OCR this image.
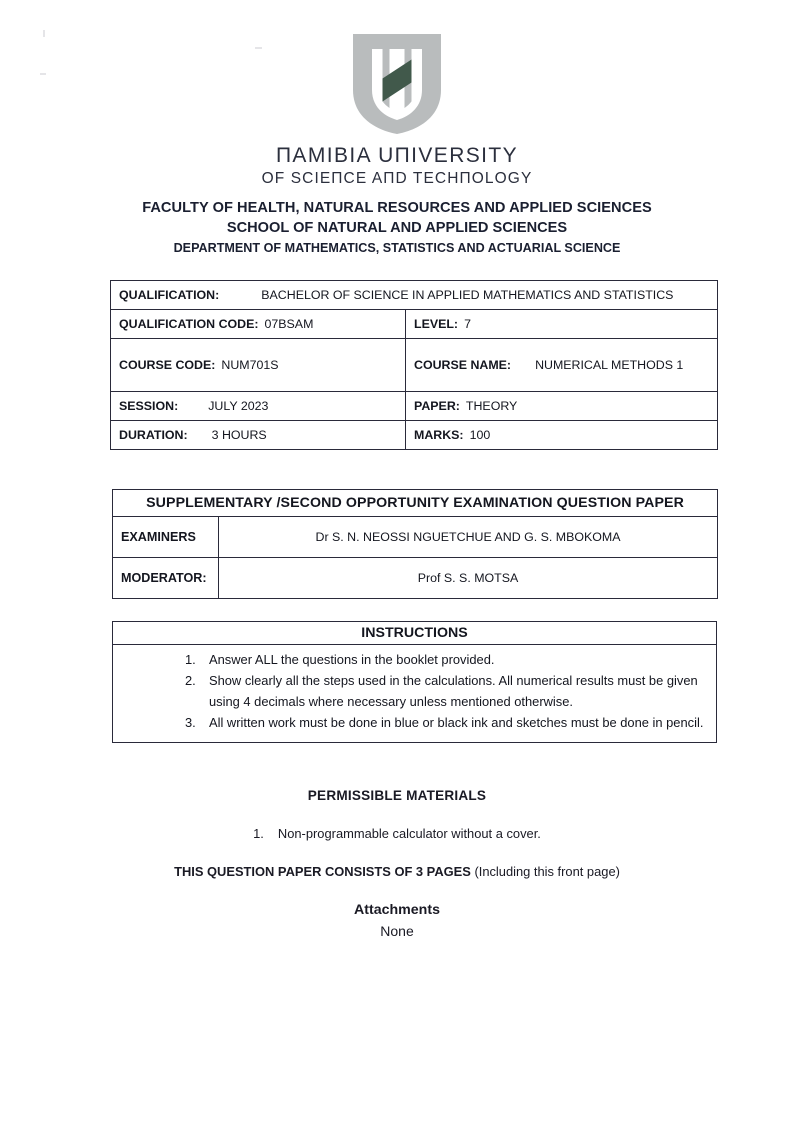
ПAMIBIA UПIVERSITY
OF SCIEПCE AПD TECHПOLOGY
FACULTY OF HEALTH, NATURAL RESOURCES AND APPLIED SCIENCES
SCHOOL OF NATURAL AND APPLIED SCIENCES
DEPARTMENT OF MATHEMATICS, STATISTICS AND ACTUARIAL SCIENCE
QUALIFICATION: BACHELOR OF SCIENCE IN APPLIED MATHEMATICS AND STATISTICS	
QUALIFICATION CODE: 07BSAM	LEVEL: 7
COURSE CODE: NUM701S	COURSE NAME: NUMERICAL METHODS 1
SESSION: JULY 2023	PAPER: THEORY
DURATION: 3 HOURS	MARKS: 100
SUPPLEMENTARY /SECOND OPPORTUNITY EXAMINATION QUESTION PAPER	
EXAMINERS	Dr S. N. NEOSSI NGUETCHUE AND G. S. MBOKOMA
MODERATOR:	Prof S. S. MOTSA
INSTRUCTIONS

Answer ALL the questions in the booklet provided.
Show clearly all the steps used in the calculations. All numerical results must be given using 4 decimals where necessary unless mentioned otherwise.
All written work must be done in blue or black ink and sketches must be done in pencil.
PERMISSIBLE MATERIALS
1. Non-programmable calculator without a cover.
THIS QUESTION PAPER CONSISTS OF 3 PAGES (Including this front page)
Attachments
None
